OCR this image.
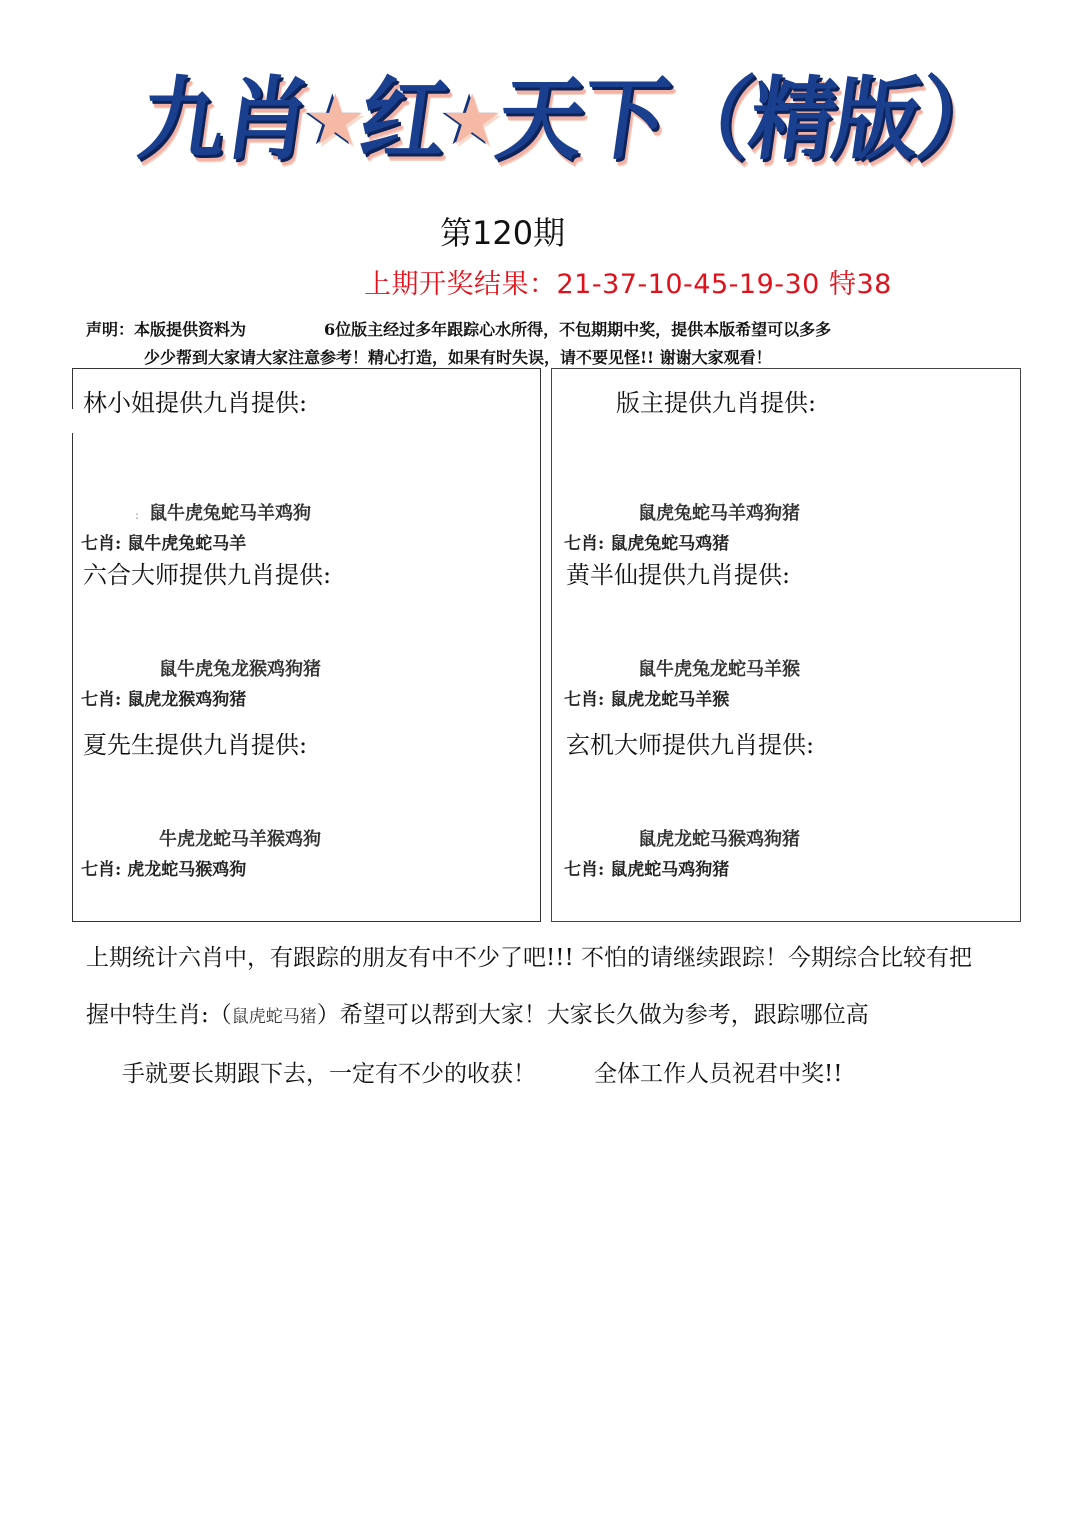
九
肖
★
红
★
天
下
（
精
版
）
第120期
上期开奖结果：21-37-10-45-19-30 特38
声明：本版提供资料为	6位版主经过多年跟踪心水所得，不包期期中奖，提供本版希望可以多多
少少帮到大家请大家注意参考！精心打造，如果有时失误，请不要见怪!! 谢谢大家观看！
林小姐提供九肖提供:
: 鼠牛虎兔蛇马羊鸡狗
七肖: 鼠牛虎兔蛇马羊
六合大师提供九肖提供:
鼠牛虎兔龙猴鸡狗猪
七肖: 鼠虎龙猴鸡狗猪
夏先生提供九肖提供:
牛虎龙蛇马羊猴鸡狗
七肖: 虎龙蛇马猴鸡狗
版主提供九肖提供:
鼠虎兔蛇马羊鸡狗猪
七肖: 鼠虎兔蛇马鸡猪
黄半仙提供九肖提供:
鼠牛虎兔龙蛇马羊猴
七肖: 鼠虎龙蛇马羊猴
玄机大师提供九肖提供:
鼠虎龙蛇马猴鸡狗猪
七肖: 鼠虎蛇马鸡狗猪
上期统计六肖中，有跟踪的朋友有中不少了吧!!! 不怕的请继续跟踪！今期综合比较有把
握中特生肖:（鼠虎蛇马猪）希望可以帮到大家！大家长久做为参考，跟踪哪位高
手就要长期跟下去，一定有不少的收获！	全体工作人员祝君中奖!!
